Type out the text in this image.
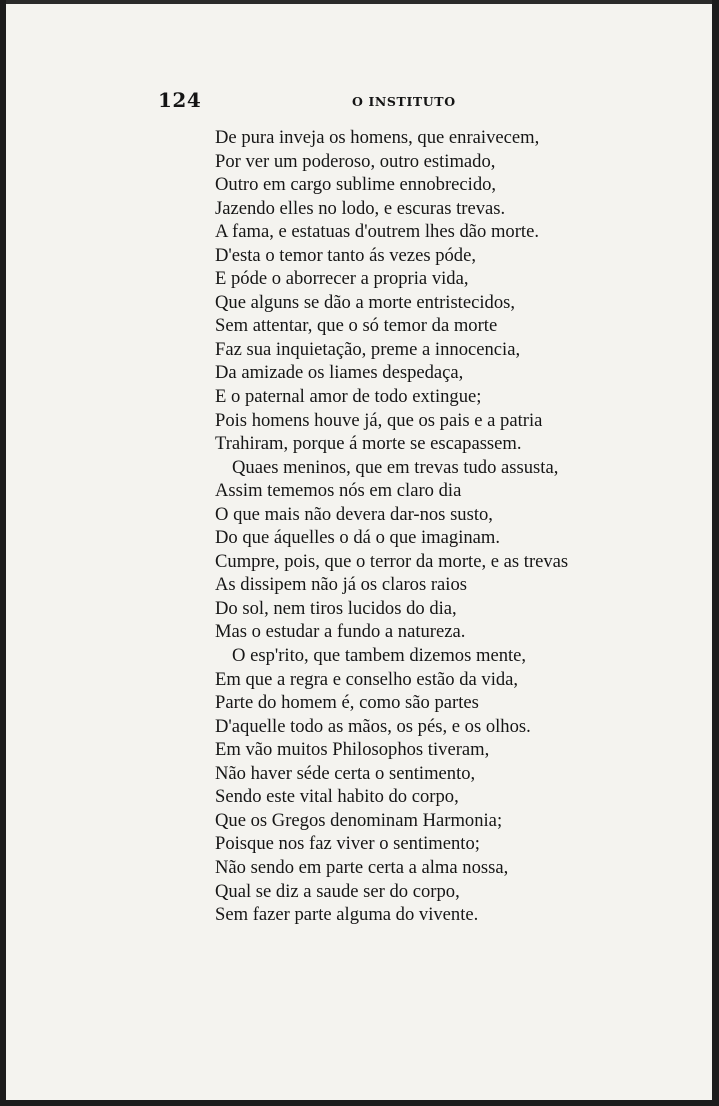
124	O INSTITUTO
De pura inveja os homens, que enraivecem,
Por ver um poderoso, outro estimado,
Outro em cargo sublime ennobrecido,
Jazendo elles no lodo, e escuras trevas.
A fama, e estatuas d'outrem lhes dão morte.
D'esta o temor tanto ás vezes póde,
E póde o aborrecer a propria vida,
Que alguns se dão a morte entristecidos,
Sem attentar, que o só temor da morte
Faz sua inquietação, preme a innocencia,
Da amizade os liames despedaça,
E o paternal amor de todo extingue;
Pois homens houve já, que os pais e a patria
Trahiram, porque á morte se escapassem.
Quaes meninos, que em trevas tudo assusta,
Assim tememos nós em claro dia
O que mais não devera dar-nos susto,
Do que áquelles o dá o que imaginam.
Cumpre, pois, que o terror da morte, e as trevas
As dissipem não já os claros raios
Do sol, nem tiros lucidos do dia,
Mas o estudar a fundo a natureza.
O esp'rito, que tambem dizemos mente,
Em que a regra e conselho estão da vida,
Parte do homem é, como são partes
D'aquelle todo as mãos, os pés, e os olhos.
Em vão muitos Philosophos tiveram,
Não haver séde certa o sentimento,
Sendo este vital habito do corpo,
Que os Gregos denominam Harmonia;
Poisque nos faz viver o sentimento;
Não sendo em parte certa a alma nossa,
Qual se diz a saude ser do corpo,
Sem fazer parte alguma do vivente.
